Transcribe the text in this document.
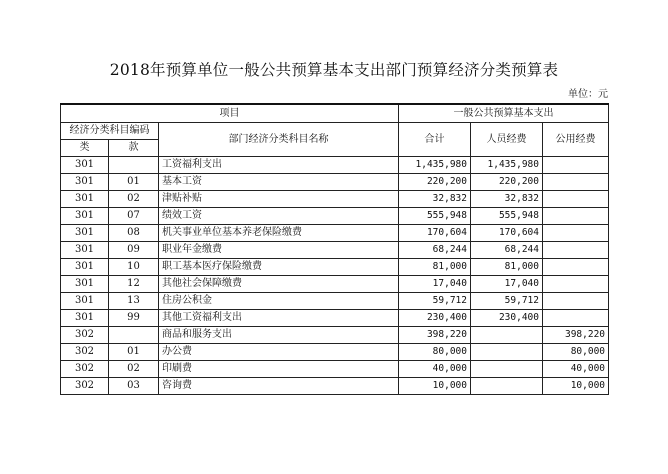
2018年预算单位一般公共预算基本支出部门预算经济分类预算表
单位：元
项目			一般公共预算基本支出		
经济分类科目编码		部门经济分类科目名称	合计	人员经费	公用经费
类	款				
301		工资福利支出	1,435,980	1,435,980	
301	01	基本工资	220,200	220,200	
301	02	津贴补贴	32,832	32,832	
301	07	绩效工资	555,948	555,948	
301	08	机关事业单位基本养老保险缴费	170,604	170,604	
301	09	职业年金缴费	68,244	68,244	
301	10	职工基本医疗保险缴费	81,000	81,000	
301	12	其他社会保障缴费	17,040	17,040	
301	13	住房公积金	59,712	59,712	
301	99	其他工资福利支出	230,400	230,400	
302		商品和服务支出	398,220		398,220
302	01	办公费	80,000		80,000
302	02	印刷费	40,000		40,000
302	03	咨询费	10,000		10,000
